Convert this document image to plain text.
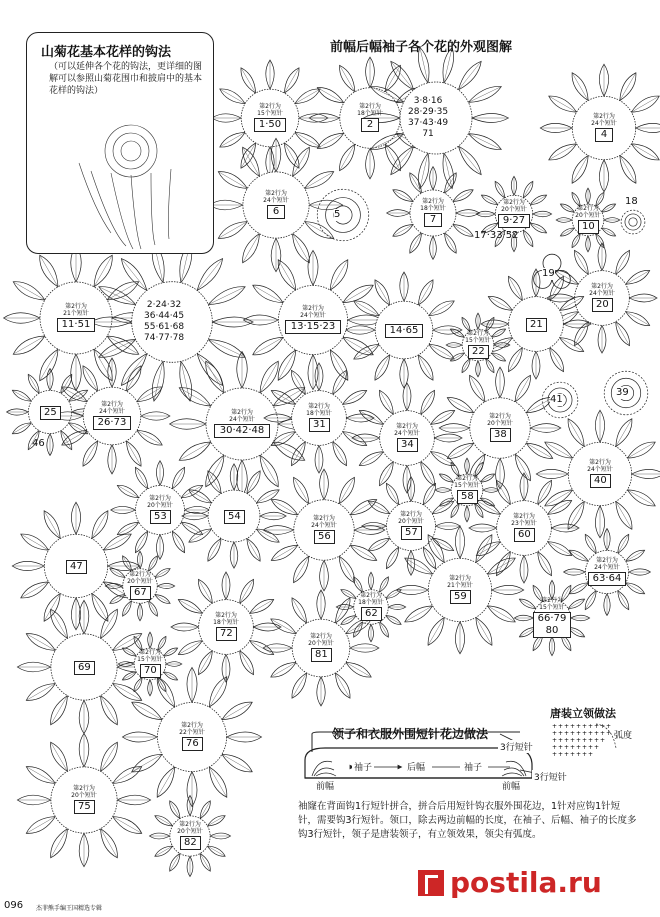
+ + + + + + + + + +
+ + + + + + + + + +
+ + + + + + + + +
+ + + + + + + +
+ + + + + + +
前幅后幅袖子各个花的外观图解
山菊花基本花样的钩法
（可以延伸各个花的钩法，更详细的图解可以参照山菊花围巾和披肩中的基本花样的钩法）
1·50
第2行为
15个短针
2
第2行为
18个短针
3·8·16
28·29·35
37·43·49
71	4
第2行为
24个短针
5
6
第2行为
24个短针
7
第2行为
18个短针
9·27
第2行为
20个短针
10
第2行为
20个短针
11·51
第2行为
21个短针
2·24·32
36·44·45
55·61·68
74·77·78
13·15·23
第2行为
24个短针
14·65
17·33·52
18
19
20
第2行为
24个短针
21
22
第2行为
15个短针
25
26·73
第2行为
24个短针
30·42·48
第2行为
24个短针	31
第2行为
18个短针
34
第2行为
24个短针	38
第2行为
20个短针
39
40
第2行为
24个短针
41
46
47
53
第2行为
20个短针
54
56
第2行为
24个短针
57
第2行为
20个短针
58
第2行为
15个短针
59
第2行为
21个短针
60
第2行为
23个短针
62
第2行为
18个短针
63·64
第2行为
24个短针
66·79
80
第2行为
15个短针
67
第2行为
20个短针
69	70
第2行为
15个短针
72
第2行为
18个短针
75
第2行为
20个短针
76
第2行为
22个短针
81
第2行为
20个短针
82
第2行为
20个短针
领子和衣服外围短针花边做法
3行短针
3行短针
袖子	后幅	袖子
前幅	前幅
唐装立领做法
弧度
袖窿在背面钩1行短针拼合，拼合后用短针钩衣服外围花边，1针对应钩1针短针，需要钩3行短针。领口，除去两边前幅的长度，在袖子、后幅、袖子的长度多钩3行短针，领子是唐装领子，有立领效果，领尖有弧度。
096 杰菲熊手编王国精选专辑
postila.ru
